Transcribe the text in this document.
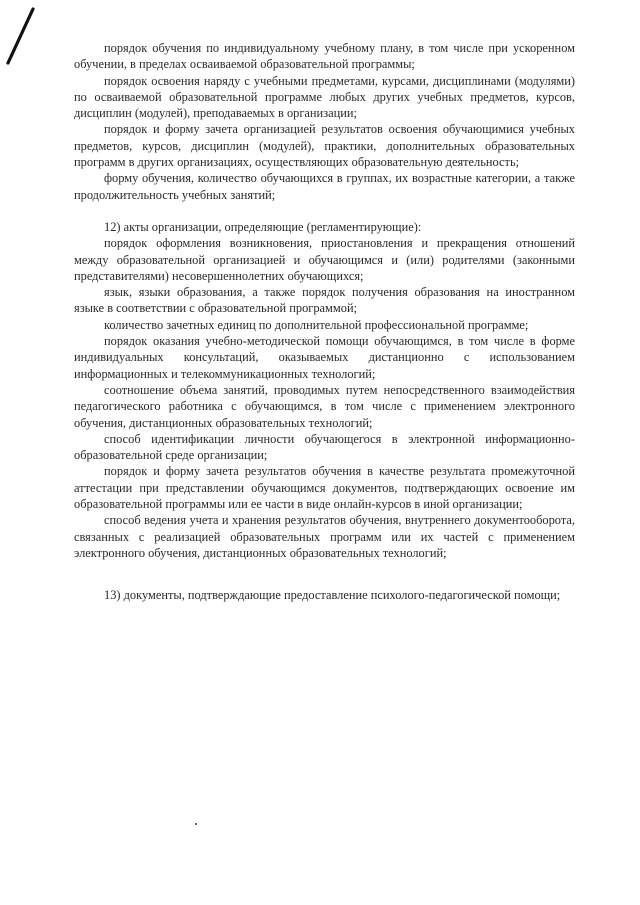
порядок обучения по индивидуальному учебному плану, в том числе при ускоренном обучении, в пределах осваиваемой образовательной программы;

порядок освоения наряду с учебными предметами, курсами, дисциплинами (модулями) по осваиваемой образовательной программе любых других учебных предметов, курсов, дисциплин (модулей), преподаваемых в организации;

порядок и форму зачета организацией результатов освоения обучающимися учебных предметов, курсов, дисциплин (модулей), практики, дополнительных образовательных программ в других организациях, осуществляющих образовательную деятельность;

форму обучения, количество обучающихся в группах, их возрастные категории, а также продолжительность учебных занятий;

12) акты организации, определяющие (регламентирующие):

порядок оформления возникновения, приостановления и прекращения отношений между образовательной организацией и обучающимся и (или) родителями (законными представителями) несовершеннолетних обучающихся;

язык, языки образования, а также порядок получения образования на иностранном языке в соответствии с образовательной программой;

количество зачетных единиц по дополнительной профессиональной программе;

порядок оказания учебно-методической помощи обучающимся, в том числе в форме индивидуальных консультаций, оказываемых дистанционно с использованием информационных и телекоммуникационных технологий;

соотношение объема занятий, проводимых путем непосредственного взаимодействия педагогического работника с обучающимся, в том числе с применением электронного обучения, дистанционных образовательных технологий;

способ идентификации личности обучающегося в электронной информационно-образовательной среде организации;

порядок и форму зачета результатов обучения в качестве результата промежуточной аттестации при представлении обучающимся документов, подтверждающих освоение им образовательной программы или ее части в виде онлайн-курсов в иной организации;

способ ведения учета и хранения результатов обучения, внутреннего документооборота, связанных с реализацией образовательных программ или их частей с применением электронного обучения, дистанционных образовательных технологий;

13) документы, подтверждающие предоставление психолого-педагогической помощи;
